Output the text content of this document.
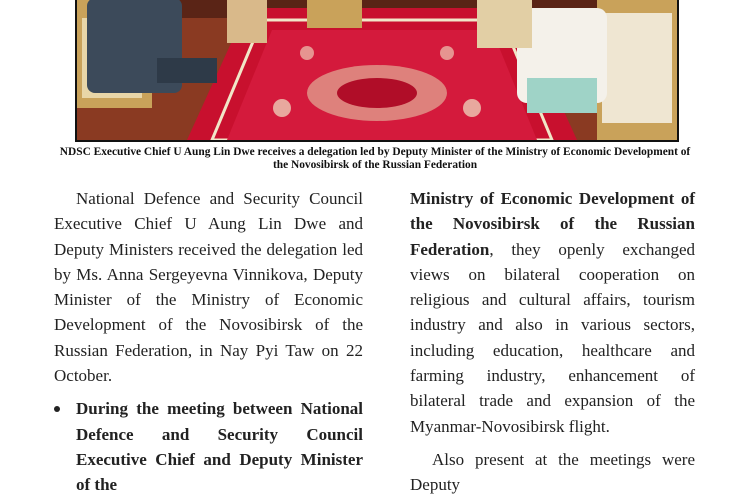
NDSC Executive Chief U Aung Lin Dwe receives a delegation led by Deputy Minister of the Ministry of Economic Development of the Novosibirsk of the Russian Federation

National Defence and Security Council Executive Chief U Aung Lin Dwe and Deputy Ministers received the delegation led by Ms. Anna Sergeyevna Vinnikova, Deputy Minister of the Ministry of Economic Development of the Novosibirsk of the Russian Federation, in Nay Pyi Taw on 22 October.

During the meeting between National Defence and Security Council Executive Chief and Deputy Minister of the

Ministry of Economic Development of the Novosibirsk of the Russian Federation, they openly exchanged views on bilateral cooperation on religious and cultural affairs, tourism industry and also in various sectors, including education, healthcare and farming industry, enhancement of bilateral trade and expansion of the Myanmar-Novosibirsk flight.

Also present at the meetings were Deputy
